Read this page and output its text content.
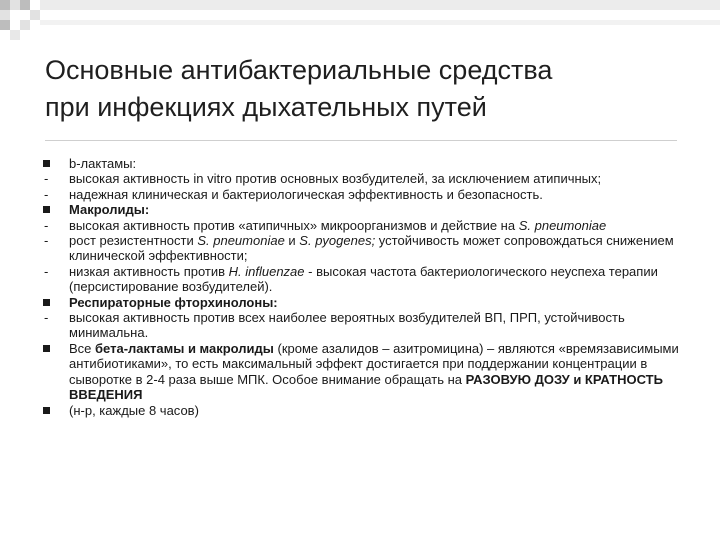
Основные антибактериальные средства
при инфекциях дыхательных путей
b-лактамы:
- высокая активность in vitro против основных возбудителей, за исключением атипичных;
- надежная клиническая и бактериологическая эффективность и безопасность.
Макролиды:
- высокая активность против «атипичных» микроорганизмов и действие на S. pneumoniae
- рост резистентности S. pneumoniae и S. pyogenes; устойчивость может сопровождаться снижением клинической эффективности;
- низкая активность против H. influenzae - высокая частота бактериологического неуспеха терапии (персистирование возбудителей).
Респираторные фторхинолоны:
- высокая активность против всех наиболее вероятных возбудителей ВП, ПРП, устойчивость минимальна.
Все бета-лактамы и макролиды (кроме азалидов – азитромицина) – являются «времязависимыми антибиотиками», то есть максимальный эффект достигается при поддержании концентрации в сыворотке в 2-4 раза выше МПК. Особое внимание обращать на РАЗОВУЮ ДОЗУ и КРАТНОСТЬ ВВЕДЕНИЯ
(н-р, каждые 8 часов)
